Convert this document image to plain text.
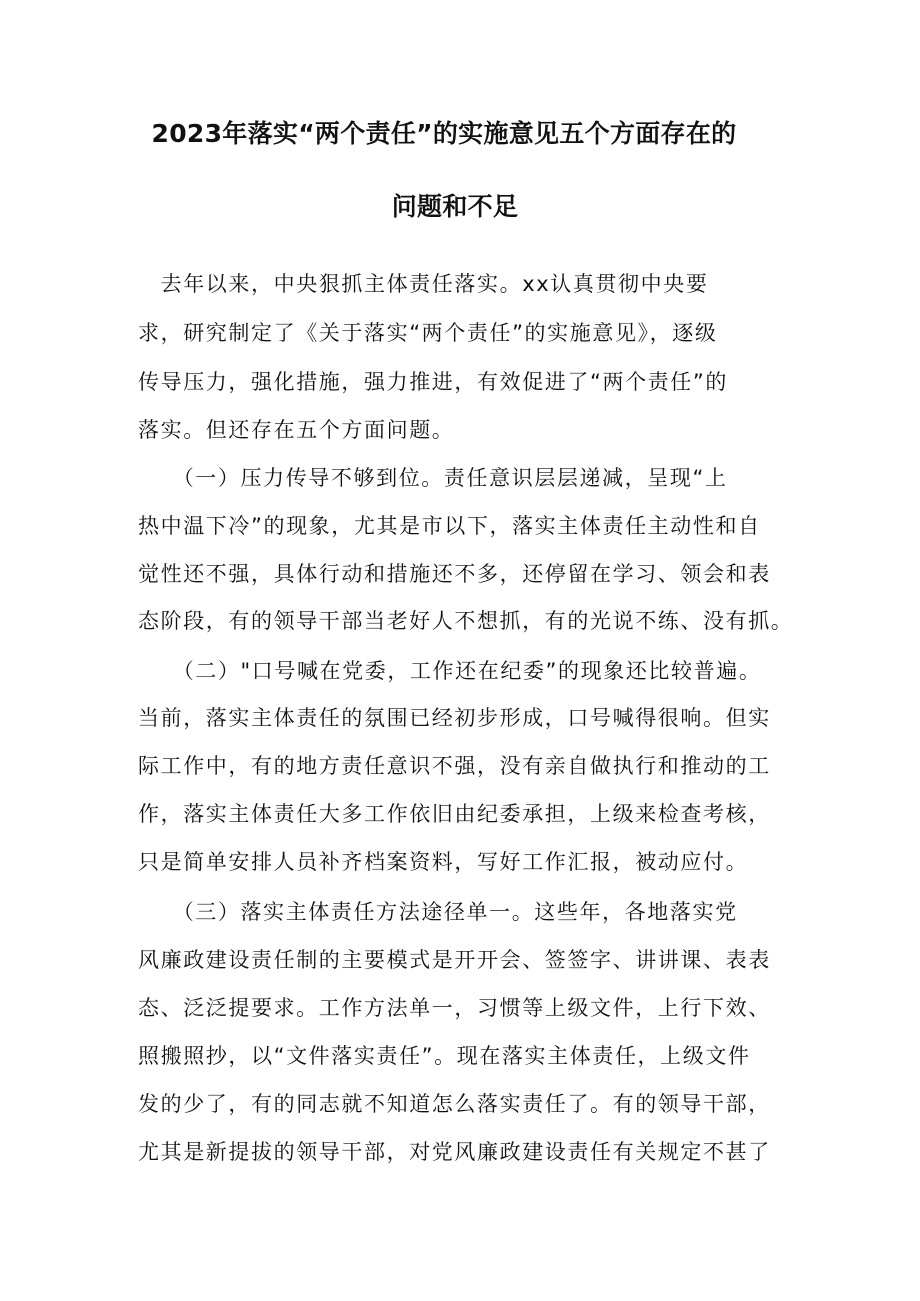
2023年落实“两个责任”的实施意见五个方面存在的
问题和不足
　去年以来，中央狠抓主体责任落实。xx认真贯彻中央要
求，研究制定了《关于落实“两个责任”的实施意见》，逐级
传导压力，强化措施，强力推进，有效促进了“两个责任”的
落实。但还存在五个方面问题。
　　（一）压力传导不够到位。责任意识层层递减，呈现“上
热中温下冷”的现象，尤其是市以下，落实主体责任主动性和自
觉性还不强，具体行动和措施还不多，还停留在学习、领会和表
态阶段，有的领导干部当老好人不想抓，有的光说不练、没有抓。
　　（二）"口号喊在党委，工作还在纪委”的现象还比较普遍。
当前，落实主体责任的氛围已经初步形成，口号喊得很响。但实
际工作中，有的地方责任意识不强，没有亲自做执行和推动的工
作，落实主体责任大多工作依旧由纪委承担，上级来检查考核，
只是简单安排人员补齐档案资料，写好工作汇报，被动应付。
　　（三）落实主体责任方法途径单一。这些年，各地落实党
风廉政建设责任制的主要模式是开开会、签签字、讲讲课、表表
态、泛泛提要求。工作方法单一，习惯等上级文件，上行下效、
照搬照抄，以“文件落实责任”。现在落实主体责任，上级文件
发的少了，有的同志就不知道怎么落实责任了。有的领导干部，
尤其是新提拔的领导干部，对党风廉政建设责任有关规定不甚了
